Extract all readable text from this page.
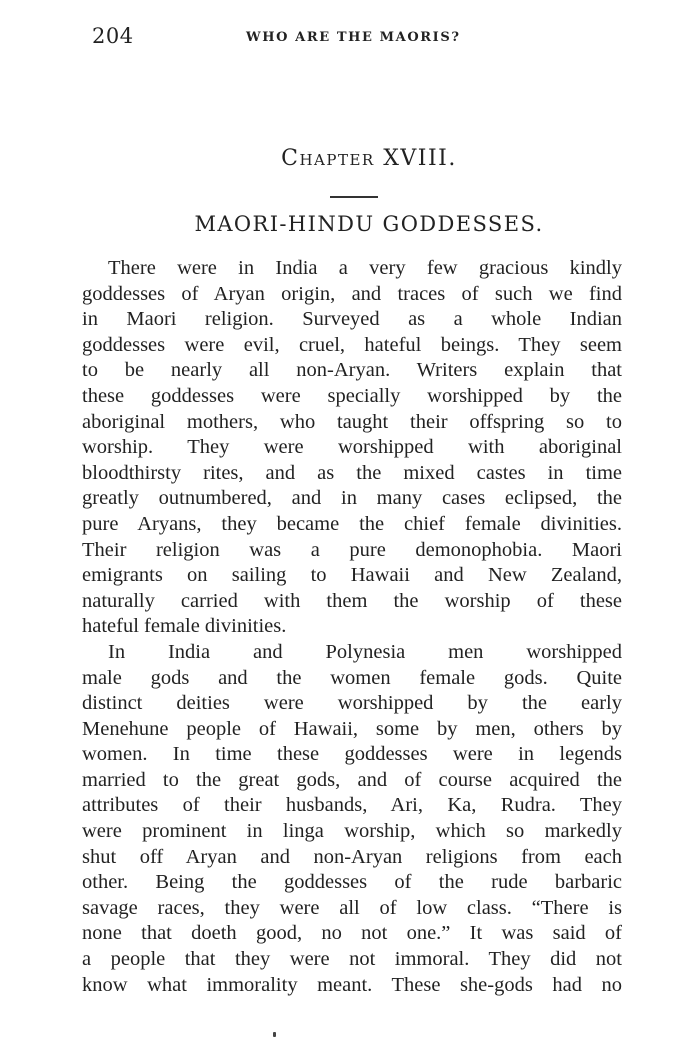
204	WHO ARE THE MAORIS?
Chapter XVIII.
MAORI-HINDU GODDESSES.
There were in India a very few gracious kindly
goddesses of Aryan origin, and traces of such we find
in Maori religion. Surveyed as a whole Indian
goddesses were evil, cruel, hateful beings. They seem
to be nearly all non-Aryan. Writers explain that
these goddesses were specially worshipped by the
aboriginal mothers, who taught their offspring so to
worship. They were worshipped with aboriginal
bloodthirsty rites, and as the mixed castes in time
greatly outnumbered, and in many cases eclipsed, the
pure Aryans, they became the chief female divinities.
Their religion was a pure demonophobia. Maori
emigrants on sailing to Hawaii and New Zealand,
naturally carried with them the worship of these
hateful female divinities.
In India and Polynesia men worshipped
male gods and the women female gods. Quite
distinct deities were worshipped by the early
Menehune people of Hawaii, some by men, others by
women. In time these goddesses were in legends
married to the great gods, and of course acquired the
attributes of their husbands, Ari, Ka, Rudra. They
were prominent in linga worship, which so markedly
shut off Aryan and non-Aryan religions from each
other. Being the goddesses of the rude barbaric
savage races, they were all of low class. “There is
none that doeth good, no not one.” It was said of
a people that they were not immoral. They did not
know what immorality meant. These she-gods had no
